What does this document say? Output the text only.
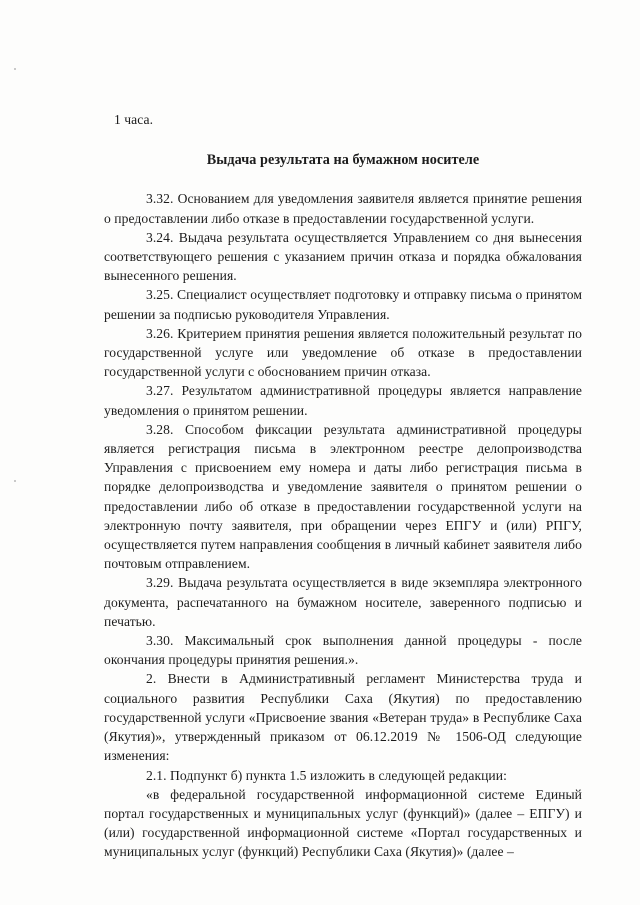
1 часа.

Выдача результата на бумажном носителе

3.32. Основанием для уведомления заявителя является принятие решения о предоставлении либо отказе в предоставлении государственной услуги.

3.24. Выдача результата осуществляется Управлением со дня вынесения соответствующего решения с указанием причин отказа и порядка обжалования вынесенного решения.

3.25. Специалист осуществляет подготовку и отправку письма о принятом решении за подписью руководителя Управления.

3.26. Критерием принятия решения является положительный результат по государственной услуге или уведомление об отказе в предоставлении государственной услуги с обоснованием причин отказа.

3.27. Результатом административной процедуры является направление уведомления о принятом решении.

3.28. Способом фиксации результата административной процедуры является регистрация письма в электронном реестре делопроизводства Управления с присвоением ему номера и даты либо регистрация письма в порядке делопроизводства и уведомление заявителя о принятом решении о предоставлении либо об отказе в предоставлении государственной услуги на электронную почту заявителя, при обращении через ЕПГУ и (или) РПГУ, осуществляется путем направления сообщения в личный кабинет заявителя либо почтовым отправлением.

3.29. Выдача результата осуществляется в виде экземпляра электронного документа, распечатанного на бумажном носителе, заверенного подписью и печатью.

3.30. Максимальный срок выполнения данной процедуры - после окончания процедуры принятия решения.».

2. Внести в Административный регламент Министерства труда и социального развития Республики Саха (Якутия) по предоставлению государственной услуги «Присвоение звания «Ветеран труда» в Республике Саха (Якутия)», утвержденный приказом от 06.12.2019 № 1506-ОД следующие изменения:

2.1. Подпункт б) пункта 1.5 изложить в следующей редакции:

«в федеральной государственной информационной системе Единый портал государственных и муниципальных услуг (функций)» (далее – ЕПГУ) и (или) государственной информационной системе «Портал государственных и муниципальных услуг (функций) Республики Саха (Якутия)» (далее –
